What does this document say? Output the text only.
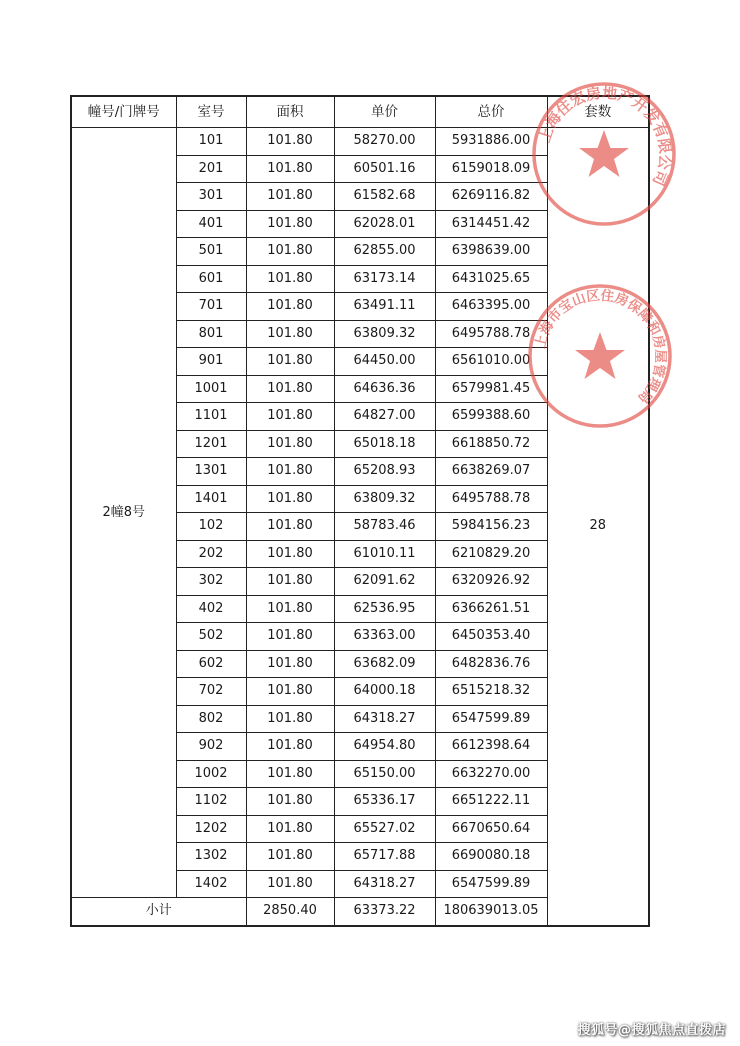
幢号/门牌号	室号	面积	单价	总价	套数
2幢8号	101	101.80	58270.00	5931886.00	28
	201	101.80	60501.16	6159018.09	
	301	101.80	61582.68	6269116.82	
	401	101.80	62028.01	6314451.42	
	501	101.80	62855.00	6398639.00	
	601	101.80	63173.14	6431025.65	
	701	101.80	63491.11	6463395.00	
	801	101.80	63809.32	6495788.78	
	901	101.80	64450.00	6561010.00	
	1001	101.80	64636.36	6579981.45	
	1101	101.80	64827.00	6599388.60	
	1201	101.80	65018.18	6618850.72	
	1301	101.80	65208.93	6638269.07	
	1401	101.80	63809.32	6495788.78	
	102	101.80	58783.46	5984156.23	
	202	101.80	61010.11	6210829.20	
	302	101.80	62091.62	6320926.92	
	402	101.80	62536.95	6366261.51	
	502	101.80	63363.00	6450353.40	
	602	101.80	63682.09	6482836.76	
	702	101.80	64000.18	6515218.32	
	802	101.80	64318.27	6547599.89	
	902	101.80	64954.80	6612398.64	
	1002	101.80	65150.00	6632270.00	
	1102	101.80	65336.17	6651222.11	
	1202	101.80	65527.02	6670650.64	
	1302	101.80	65717.88	6690080.18	
	1402	101.80	64318.27	6547599.89	
小计		2850.40	63373.22	180639013.05	
上海住宏房地产开发有限公司
上海市宝山区住房保障和房屋管理局
搜狐号@搜狐焦点直拨店
